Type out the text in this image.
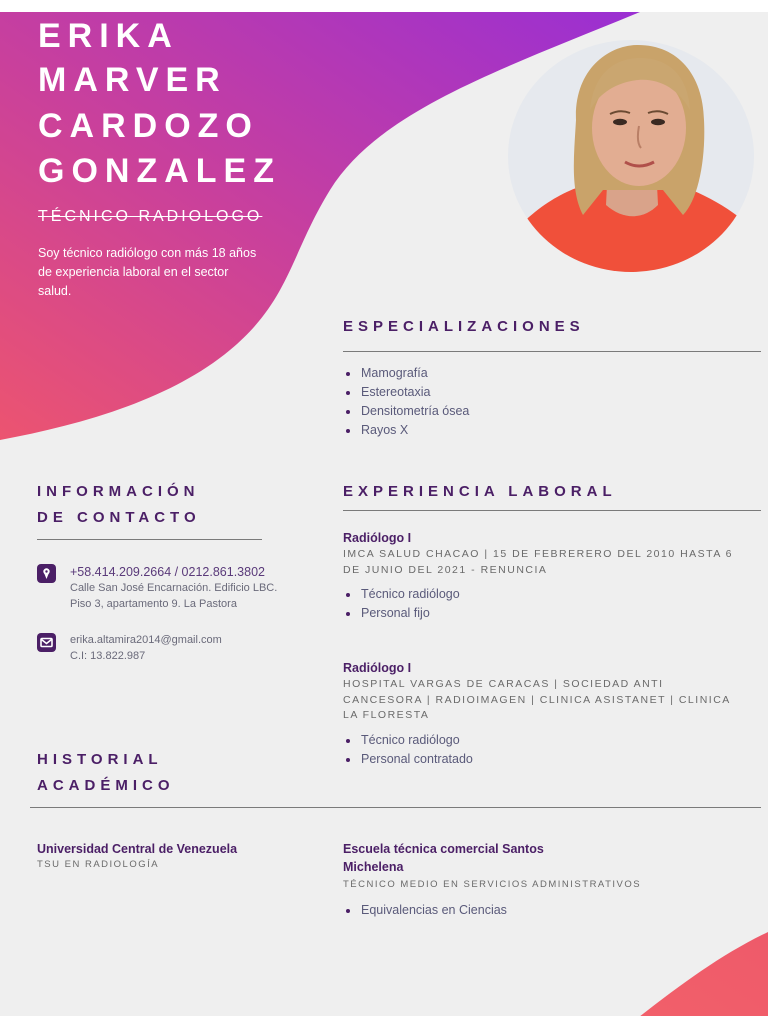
ERIKA
MARVER
CARDOZO
GONZALEZ
TÉCNICO RADIOLOGO
Soy técnico radiólogo con más 18 años de experiencia laboral en el sector salud.
ESPECIALIZACIONES
Mamografía
Estereotaxia
Densitometría ósea
Rayos X
INFORMACIÓN
DE CONTACTO
+58.414.209.2664 / 0212.861.3802
Calle San José Encarnación. Edificio LBC. Piso 3, apartamento 9. La Pastora
erika.altamira2014@gmail.com
C.I: 13.822.987
EXPERIENCIA LABORAL
Radiólogo I
IMCA SALUD CHACAO | 15 DE FEBRERERO DEL 2010 HASTA 6 DE JUNIO DEL 2021 - RENUNCIA
Técnico radiólogo
Personal fijo
Radiólogo I
HOSPITAL VARGAS DE CARACAS | SOCIEDAD ANTI CANCESORA | RADIOIMAGEN | CLINICA ASISTANET | CLINICA LA FLORESTA
Técnico radiólogo
Personal contratado
HISTORIAL
ACADÉMICO
Universidad Central de Venezuela
TSU EN RADIOLOGÍA
Escuela técnica comercial Santos Michelena
TÉCNICO MEDIO EN SERVICIOS ADMINISTRATIVOS
Equivalencias en Ciencias
